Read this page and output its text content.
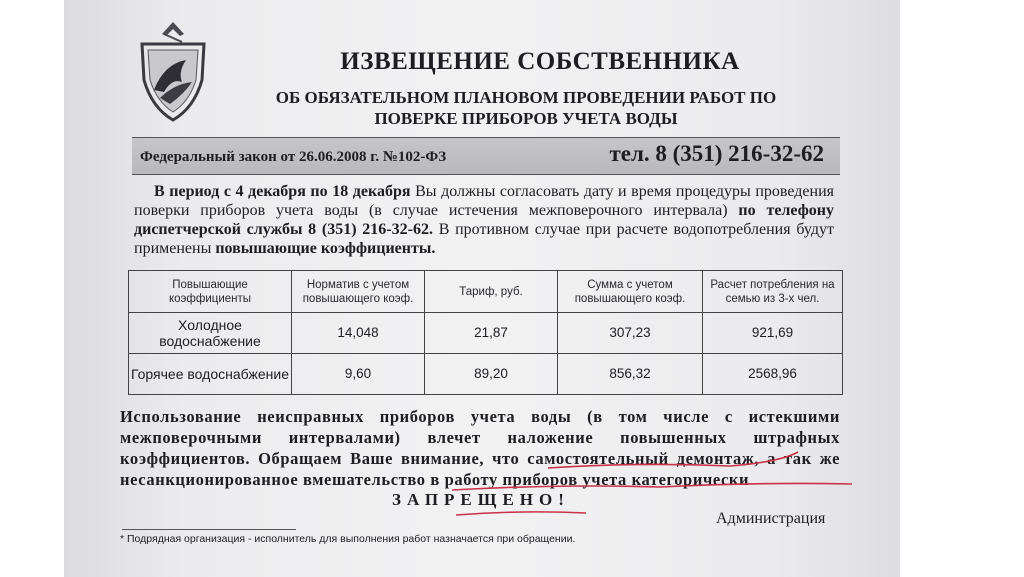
ИЗВЕЩЕНИЕ СОБСТВЕННИКА
ОБ ОБЯЗАТЕЛЬНОМ ПЛАНОВОМ ПРОВЕДЕНИИ РАБОТ ПО
ПОВЕРКЕ ПРИБОРОВ УЧЕТА ВОДЫ
Федеральный закон от 26.06.2008 г. №102-ФЗ	тел. 8 (351) 216-32-62
В период с 4 декабря по 18 декабря Вы должны согласовать дату и время процедуры проведения поверки приборов учета воды (в случае истечения межповерочного интервала) по телефону диспетчерской службы 8 (351) 216-32-62. В противном случае при расчете водопотребления будут применены повышающие коэффициенты.
Повышающие коэффициенты	Норматив с учетом повышающего коэф.	Тариф, руб.	Сумма с учетом повышающего коэф.	Расчет потребления на семью из 3-х чел.
Холодное водоснабжение	14,048	21,87	307,23	921,69
Горячее водоснабжение	9,60	89,20	856,32	2568,96
Использование неисправных приборов учета воды (в том числе с истекшими межповерочными интервалами) влечет наложение повышенных штрафных коэффициентов. Обращаем Ваше внимание, что самостоятельный демонтаж, а так же несанкционированное вмешательство в работу приборов учета категорически
ЗАПРЕЩЕНО!
Администрация
* Подрядная организация - исполнитель для выполнения работ назначается при обращении.
